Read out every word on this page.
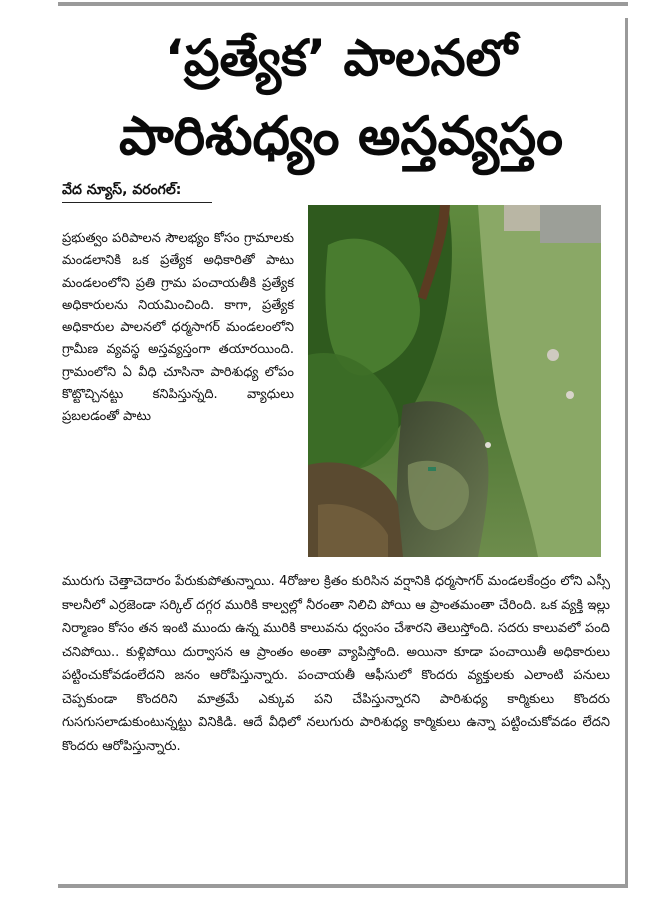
‘ప్రత్యేక’ పాలనలో
పారిశుధ్యం అస్తవ్యస్తం
వేద న్యూస్, వరంగల్:

ప్రభుత్వం పరిపాలన సౌలభ్యం కోసం గ్రామాలకు మండలానికి ఒక ప్రత్యేక అధికారితో పాటు మండలంలోని ప్రతి గ్రామ పంచాయతీకి ప్రత్యేక అధికారులను నియమించింది. కాగా, ప్రత్యేక అధికారుల పాలనలో ధర్మసాగర్ మండలంలోని గ్రామీణ వ్యవస్థ అస్తవ్యస్తంగా తయారయింది. గ్రామంలోని ఏ వీధి చూసినా పారిశుధ్య లోపం కొట్టొచ్చినట్టు కనిపిస్తున్నది. వ్యాధులు ప్రబలడంతో పాటు

మురుగు చెత్తాచెదారం పేరుకుపోతున్నాయి. 4రోజుల క్రితం కురిసిన వర్షానికి ధర్మసాగర్ మండలకేంద్రం లోని ఎస్సీ కాలనీలో ఎర్రజెండా సర్కిల్ దగ్గర మురికి కాల్వల్లో నీరంతా నిలిచి పోయి ఆ ప్రాంతమంతా చేరింది. ఒక వ్యక్తి ఇల్లు నిర్మాణం కోసం తన ఇంటి ముందు ఉన్న మురికి కాలువను ధ్వంసం చేశారని తెలుస్తోంది. సదరు కాలువలో పంది చనిపోయి.. కుళ్లిపోయి దుర్వాసన ఆ ప్రాంతం అంతా వ్యాపిస్తోంది. అయినా కూడా పంచాయితీ అధికారులు పట్టించుకోవడంలేదని జనం ఆరోపిస్తున్నారు. పంచాయతీ ఆఫీసులో కొందరు వ్యక్తులకు ఎలాంటి పనులు చెప్పకుండా కొందరిని మాత్రమే ఎక్కువ పని చేపిస్తున్నారని పారిశుధ్య కార్మికులు కొందరు గుసగుసలాడుకుంటున్నట్టు వినికిడి. ఆదే వీధిలో నలుగురు పారిశుధ్య కార్మికులు ఉన్నా పట్టించుకోవడం లేదని కొందరు ఆరోపిస్తున్నారు.
